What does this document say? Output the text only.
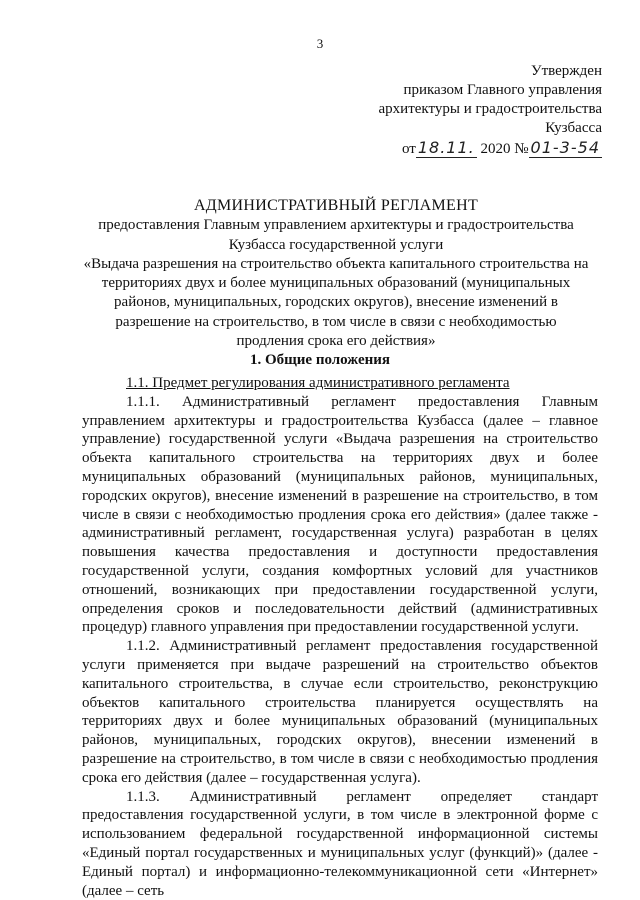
3
Утвержден
приказом Главного управления
архитектуры и градостроительства
Кузбасса
от 18.11. 2020 № 01-3-54
АДМИНИСТРАТИВНЫЙ РЕГЛАМЕНТ
предоставления Главным управлением архитектуры и градостроительства
Кузбасса государственной услуги
«Выдача разрешения на строительство объекта капитального строительства на
территориях двух и более муниципальных образований (муниципальных
районов, муниципальных, городских округов), внесение изменений в
разрешение на строительство, в том числе в связи с необходимостью
продления срока его действия»
1. Общие положения

1.1. Предмет регулирования административного регламента

1.1.1. Административный регламент предоставления Главным управлением архитектуры и градостроительства Кузбасса (далее – главное управление) государственной услуги «Выдача разрешения на строительство объекта капитального строительства на территориях двух и более муниципальных образований (муниципальных районов, муниципальных, городских округов), внесение изменений в разрешение на строительство, в том числе в связи с необходимостью продления срока его действия» (далее также - административный регламент, государственная услуга) разработан в целях повышения качества предоставления и доступности предоставления государственной услуги, создания комфортных условий для участников отношений, возникающих при предоставлении государственной услуги, определения сроков и последовательности действий (административных процедур) главного управления при предоставлении государственной услуги.

1.1.2. Административный регламент предоставления государственной услуги применяется при выдаче разрешений на строительство объектов капитального строительства, в случае если строительство, реконструкцию объектов капитального строительства планируется осуществлять на территориях двух и более муниципальных образований (муниципальных районов, муниципальных, городских округов), внесении изменений в разрешение на строительство, в том числе в связи с необходимостью продления срока его действия (далее – государственная услуга).

1.1.3. Административный регламент определяет стандарт предоставления государственной услуги, в том числе в электронной форме с использованием федеральной государственной информационной системы «Единый портал государственных и муниципальных услуг (функций)» (далее - Единый портал) и информационно-телекоммуникационной сети «Интернет» (далее – сеть
